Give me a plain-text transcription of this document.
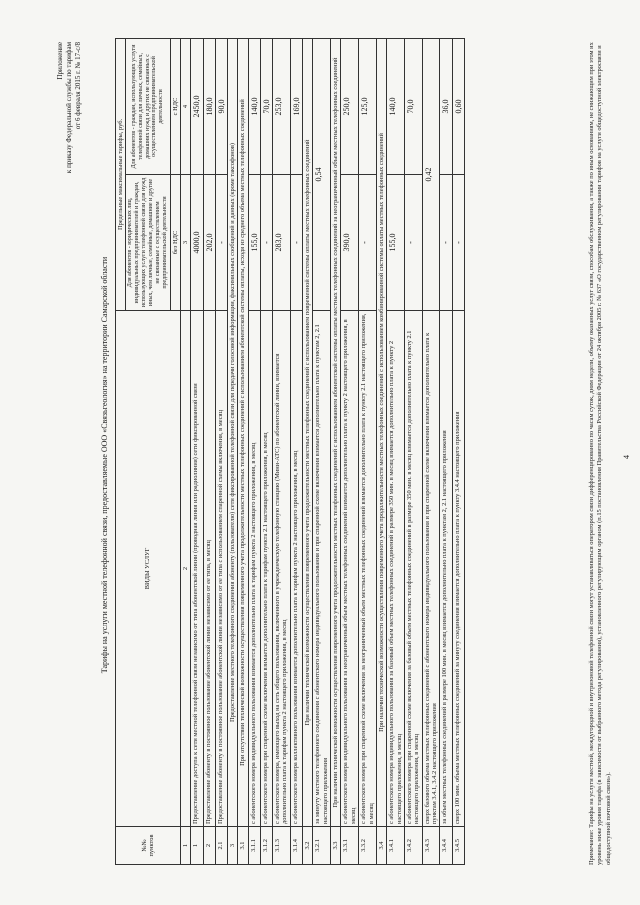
Приложение к приказу Федеральной службы по тарифам от 6 февраля 2015 г. № 17-с/8
Тарифы на услуги местной телефонной связи, предоставляемые ООО «Связьгеология» на территории Самарской области
№№ пунктов	ВИДЫ УСЛУГ	Предельные максимальные тарифы, руб.	
		Для абонентов - юридических лиц, индивидуальных предпринимателей и граждан, использующих услуги телефонной связи для нужд иных, чем личные, семейные, домашние и другие не связанные с осуществлением предпринимательской деятельности	Для абонентов - граждан, использующих услуги телефонной связи для личных, семейных, домашних нужд и других не связанных с осуществлением предпринимательской деятельности
		без НДС	с НДС
1	2	3	4
1	Предоставление доступа к сети местной телефонной связи независимо от типа абонентской линии (проводная линия или радиолиния) сети фиксированной связи	4000,0	2450,0
2	Предоставление абоненту в постоянное пользование абонентской линии независимо от ее типа, в месяц	202,0	180,0
2.1	Предоставление абоненту в постоянное пользование абонентской линии независимо от ее типа с использованием спаренной схемы включения, в месяц	-	90,0
3	Предоставление местного телефонного соединения абоненту (пользователю) сети фиксированной телефонной связи для передачи голосовой информации, факсимильных сообщений и данных (кроме таксофонов)		
3.1	При отсутствии технической возможности осуществления повременного учета продолжительности местных телефонных соединений с использованием абонентской системы оплаты, исходя из среднего объема местных телефонных соединений		
3.1.1	с абонентского номера индивидуального пользования взимается дополнительно плата к тарифам пункта 2 настоящего приложения, в месяц	155,0	140,0
3.1.2	с абонентского номера при спаренной схеме включения взимается дополнительно плата к тарифам пункта 2.1 настоящего приложения, в месяц	-	70,0
3.1.3	с абонентского номера, имеющего выход на сеть общего пользования, включенного в учрежденческую телефонную станцию (Мини-АТС) по абонентской линии, взимается дополнительно плата к тарифам пункта 2 настоящего приложения, в месяц	283,0	253,0
3.1.4	с абонентского номера коллективного пользования взимается дополнительно плата к тарифам пункта 2 настоящего приложения, в месяц	-	169,0
3.2	При наличии технической возможности осуществления повременного учета продолжительности местных телефонных соединений с использованием повременной системы оплаты местных телефонных соединений		
3.2.1	за минуту местного телефонного соединения с абонентского номера индивидуального пользования и при спаренной схеме включения взимается дополнительно плата к пунктам 2, 2.1 настоящего приложения	0,54	
3.3	При наличии технической возможности осуществления повременного учета продолжительности местных телефонных соединений с использованием абонентской системы оплаты местных телефонных соединений за неограниченный объем местных телефонных соединений		
3.3.1	с абонентского номера индивидуального пользования за неограниченный объем местных телефонных соединений взимается дополнительно плата к пункту 2 настоящего приложения, в месяц	390,0	250,0
3.3.2	с абонентского номера при спаренной схеме включения за неограниченный объем местных телефонных соединений взимается дополнительно плата к пункту 2.1 настоящего приложения, в месяц	-	125,0
3.4	При наличии технической возможности осуществления повременного учета продолжительности местных телефонных соединений с использованием комбинированной системы оплаты местных телефонных соединений		
3.4.1	с абонентского номера индивидуального пользования за базовый объем местных телефонных соединений в размере 350 мин. в месяц взимается дополнительно плата к пункту 2 настоящего приложения, в месяц	155,0	140,0
3.4.2	с абонентского номера при спаренной схеме включения за базовый объем местных телефонных соединений в размере 350 мин. в месяц взимается дополнительно плата к пункту 2.1 настоящего приложения, в месяц	-	70,0
3.4.3	сверх базового объема местных телефонных соединений с абонентского номера индивидуального пользования и при спаренной схеме включения взимается дополнительно плата к пунктам 3.4.1, 3.4.2 настоящего приложения	0,42	
3.4.4	за объем местных телефонных соединений в размере 100 мин. в месяц взимается дополнительно плата к пунктам 2, 2.1 настоящего приложения	-	36,0
3.4.5	сверх 100 мин. объема местных телефонных соединений за минуту соединения взимается дополнительно плата к пункту 3.4.4 настоящего приложения	-	0,60
Примечание: Тарифы на услуги местной, междугородной и внутризоновой телефонной связи могут устанавливаться оператором связи дифференцированно по часам суток, дням недели, объему оказанных услуг связи, способам обслуживания, а также по иным основаниям, не снижающим при этом их уровень ниже уровня тарифа (в зависимости от выбранного метода регулирования), установленного регулирующим органом (п.15 постановления Правительства Российской Федерации от 24 октября 2005 г. № 637 «О государственном регулировании тарифов на услуги общедоступной электросвязи и общедоступной почтовой связи»).
4
